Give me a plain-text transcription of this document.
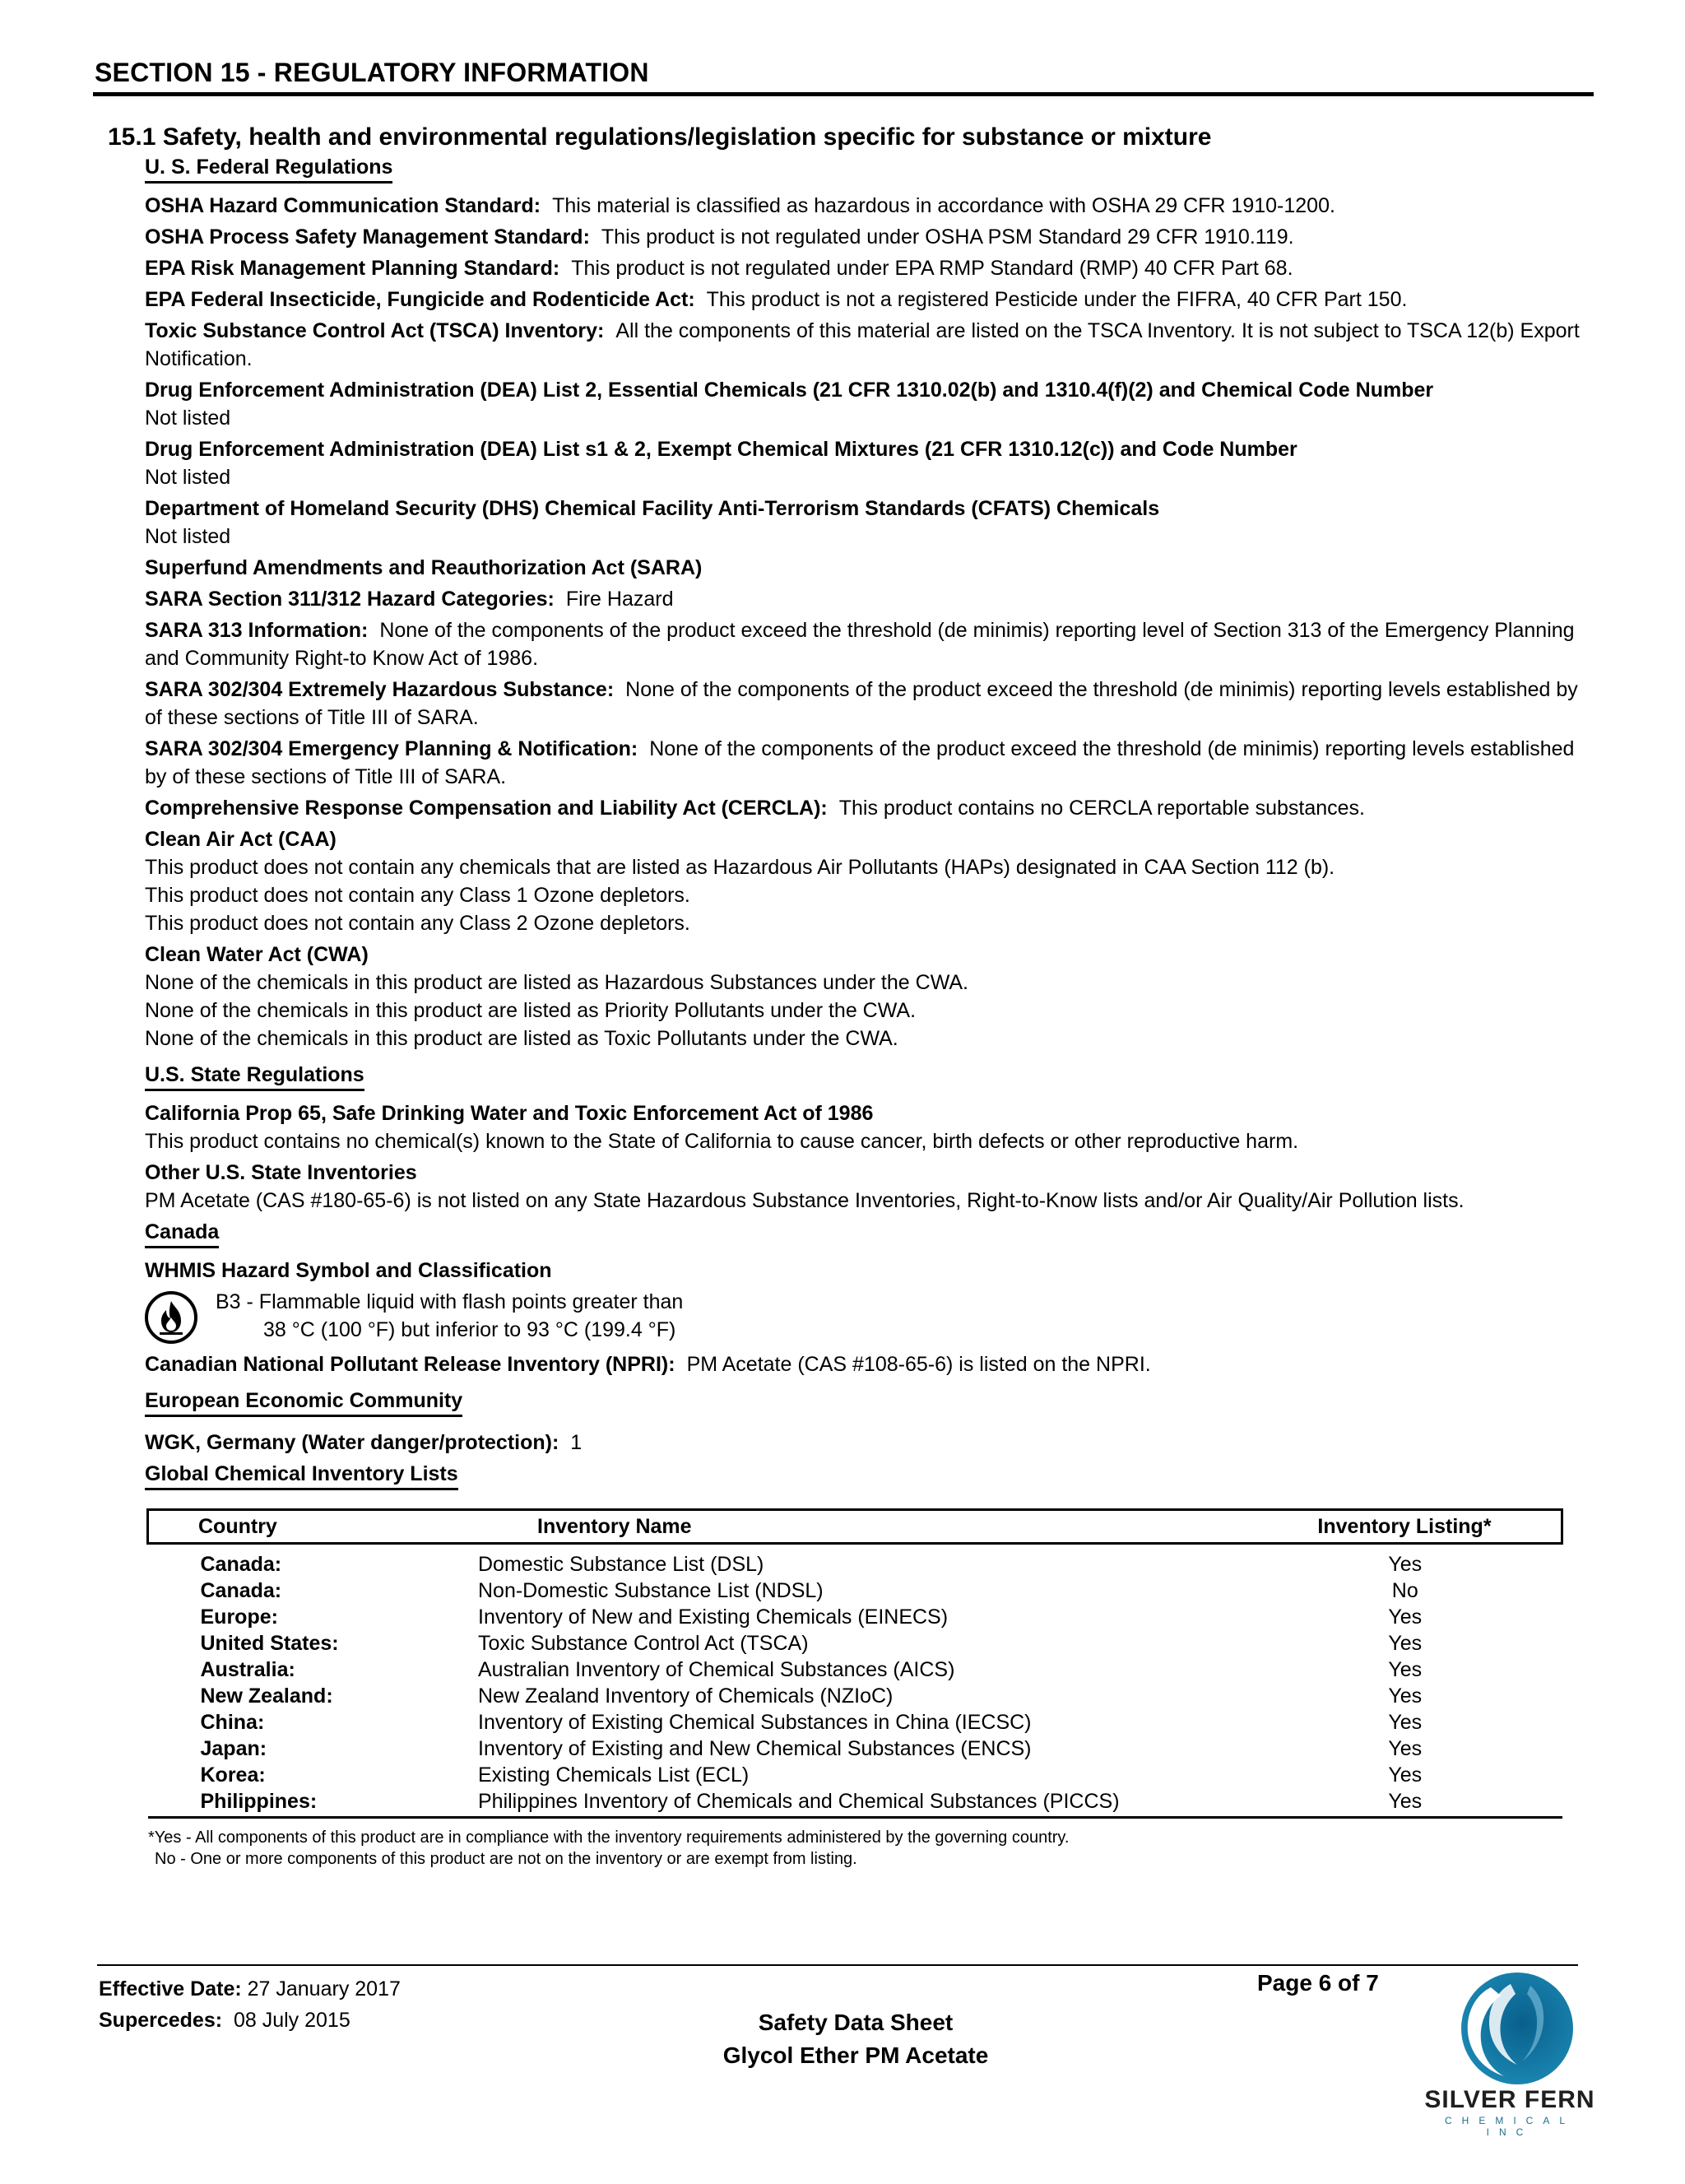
SECTION 15 - REGULATORY INFORMATION
15.1 Safety, health and environmental regulations/legislation specific for substance or mixture
U. S. Federal Regulations
OSHA Hazard Communication Standard: This material is classified as hazardous in accordance with OSHA 29 CFR 1910-1200.
OSHA Process Safety Management Standard: This product is not regulated under OSHA PSM Standard 29 CFR 1910.119.
EPA Risk Management Planning Standard: This product is not regulated under EPA RMP Standard (RMP) 40 CFR Part 68.
EPA Federal Insecticide, Fungicide and Rodenticide Act: This product is not a registered Pesticide under the FIFRA, 40 CFR Part 150.
Toxic Substance Control Act (TSCA) Inventory: All the components of this material are listed on the TSCA Inventory. It is not subject to TSCA 12(b) Export Notification.
Drug Enforcement Administration (DEA) List 2, Essential Chemicals (21 CFR 1310.02(b) and 1310.4(f)(2) and Chemical Code Number
Not listed
Drug Enforcement Administration (DEA) List s1 & 2, Exempt Chemical Mixtures (21 CFR 1310.12(c)) and Code Number
Not listed
Department of Homeland Security (DHS) Chemical Facility Anti-Terrorism Standards (CFATS) Chemicals
Not listed
Superfund Amendments and Reauthorization Act (SARA)
SARA Section 311/312 Hazard Categories: Fire Hazard
SARA 313 Information: None of the components of the product exceed the threshold (de minimis) reporting level of Section 313 of the Emergency Planning and Community Right-to Know Act of 1986.
SARA 302/304 Extremely Hazardous Substance: None of the components of the product exceed the threshold (de minimis) reporting levels established by of these sections of Title III of SARA.
SARA 302/304 Emergency Planning & Notification: None of the components of the product exceed the threshold (de minimis) reporting levels established by of these sections of Title III of SARA.
Comprehensive Response Compensation and Liability Act (CERCLA): This product contains no CERCLA reportable substances.
Clean Air Act (CAA)
This product does not contain any chemicals that are listed as Hazardous Air Pollutants (HAPs) designated in CAA Section 112 (b).
This product does not contain any Class 1 Ozone depletors.
This product does not contain any Class 2 Ozone depletors.
Clean Water Act (CWA)
None of the chemicals in this product are listed as Hazardous Substances under the CWA.
None of the chemicals in this product are listed as Priority Pollutants under the CWA.
None of the chemicals in this product are listed as Toxic Pollutants under the CWA.
U.S. State Regulations
California Prop 65, Safe Drinking Water and Toxic Enforcement Act of 1986
This product contains no chemical(s) known to the State of California to cause cancer, birth defects or other reproductive harm.
Other U.S. State Inventories
PM Acetate (CAS #180-65-6) is not listed on any State Hazardous Substance Inventories, Right-to-Know lists and/or Air Quality/Air Pollution lists.
Canada
WHMIS Hazard Symbol and Classification
B3 - Flammable liquid with flash points greater than
38 °C (100 °F) but inferior to 93 °C (199.4 °F)
Canadian National Pollutant Release Inventory (NPRI): PM Acetate (CAS #108-65-6) is listed on the NPRI.
European Economic Community
WGK, Germany (Water danger/protection): 1
Global Chemical Inventory Lists
Country	Inventory Name	Inventory Listing*
Canada:	Domestic Substance List (DSL)	Yes
Canada:	Non-Domestic Substance List (NDSL)	No
Europe:	Inventory of New and Existing Chemicals (EINECS)	Yes
United States:	Toxic Substance Control Act (TSCA)	Yes
Australia:	Australian Inventory of Chemical Substances (AICS)	Yes
New Zealand:	New Zealand Inventory of Chemicals (NZIoC)	Yes
China:	Inventory of Existing Chemical Substances in China (IECSC)	Yes
Japan:	Inventory of Existing and New Chemical Substances (ENCS)	Yes
Korea:	Existing Chemicals List (ECL)	Yes
Philippines:	Philippines Inventory of Chemicals and Chemical Substances (PICCS)	Yes
*Yes - All components of this product are in compliance with the inventory requirements administered by the governing country.
No - One or more components of this product are not on the inventory or are exempt from listing.
Effective Date: 27 January 2017
Supercedes: 08 July 2015
Page 6 of 7
Safety Data Sheet
Glycol Ether PM Acetate
SILVER FERN
CHEMICAL INC
